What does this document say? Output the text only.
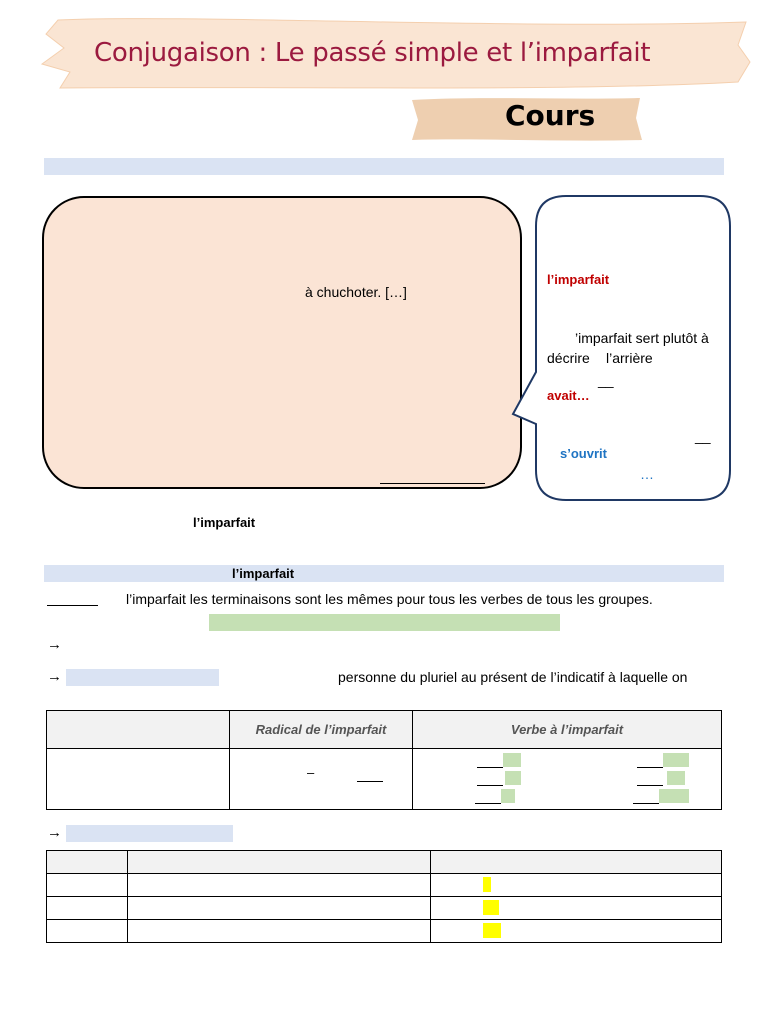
Conjugaison : Le passé simple et l’imparfait
Cours
à chuchoter. […]
l’imparfait
’imparfait sert plutôt à
décrire l’arrière
__
avait…
__
s’ouvrit
…
l’imparfait
l’imparfait
l’imparfait les terminaisons sont les mêmes pour tous les verbes de tous les groupes.
→
→	personne du pluriel au présent de l’indicatif à laquelle on
	Radical de l’imparfait	Verbe à l’imparfait

	–	

→
